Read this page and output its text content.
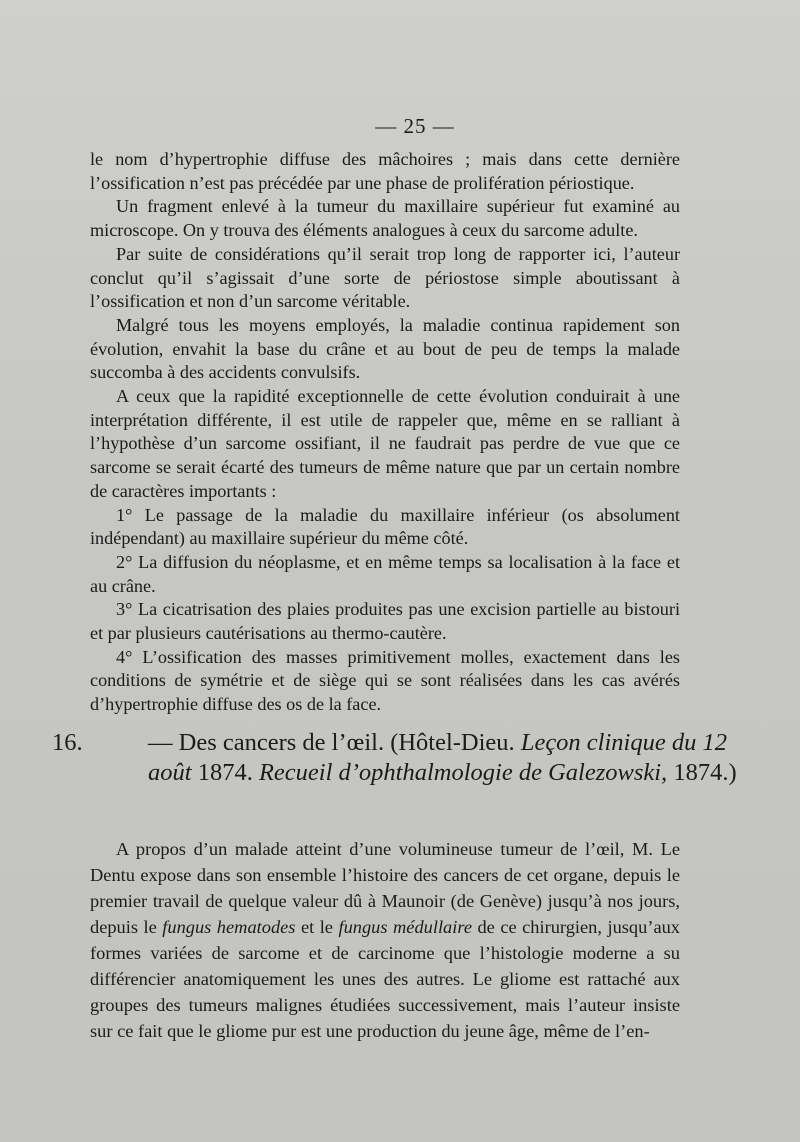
— 25 —

le nom d’hypertrophie diffuse des mâchoires ; mais dans cette dernière l’ossification n’est pas précédée par une phase de prolifération périostique.

Un fragment enlevé à la tumeur du maxillaire supérieur fut examiné au microscope. On y trouva des éléments analogues à ceux du sarcome adulte.

Par suite de considérations qu’il serait trop long de rapporter ici, l’auteur conclut qu’il s’agissait d’une sorte de périostose simple aboutissant à l’ossification et non d’un sarcome véritable.

Malgré tous les moyens employés, la maladie continua rapidement son évolution, envahit la base du crâne et au bout de peu de temps la malade succomba à des accidents convulsifs.

A ceux que la rapidité exceptionnelle de cette évolution conduirait à une interprétation différente, il est utile de rappeler que, même en se ralliant à l’hypothèse d’un sarcome ossifiant, il ne faudrait pas perdre de vue que ce sarcome se serait écarté des tumeurs de même nature que par un certain nombre de caractères importants :

1° Le passage de la maladie du maxillaire inférieur (os absolument indépendant) au maxillaire supérieur du même côté.

2° La diffusion du néoplasme, et en même temps sa localisation à la face et au crâne.

3° La cicatrisation des plaies produites pas une excision partielle au bistouri et par plusieurs cautérisations au thermo-cautère.

4° L’ossification des masses primitivement molles, exactement dans les conditions de symétrie et de siège qui se sont réalisées dans les cas avérés d’hypertrophie diffuse des os de la face.

16.	— Des cancers de l’œil. (Hôtel-Dieu. Leçon clinique du 12 août 1874. Recueil d’ophthalmologie de Galezowski, 1874.)

A propos d’un malade atteint d’une volumineuse tumeur de l’œil, M. Le Dentu expose dans son ensemble l’histoire des cancers de cet organe, depuis le premier travail de quelque valeur dû à Maunoir (de Genève) jusqu’à nos jours, depuis le fungus hematodes et le fungus médullaire de ce chirurgien, jusqu’aux formes variées de sarcome et de carcinome que l’histologie moderne a su différencier anatomiquement les unes des autres. Le gliome est rattaché aux groupes des tumeurs malignes étudiées successivement, mais l’auteur insiste sur ce fait que le gliome pur est une production du jeune âge, même de l’en-
